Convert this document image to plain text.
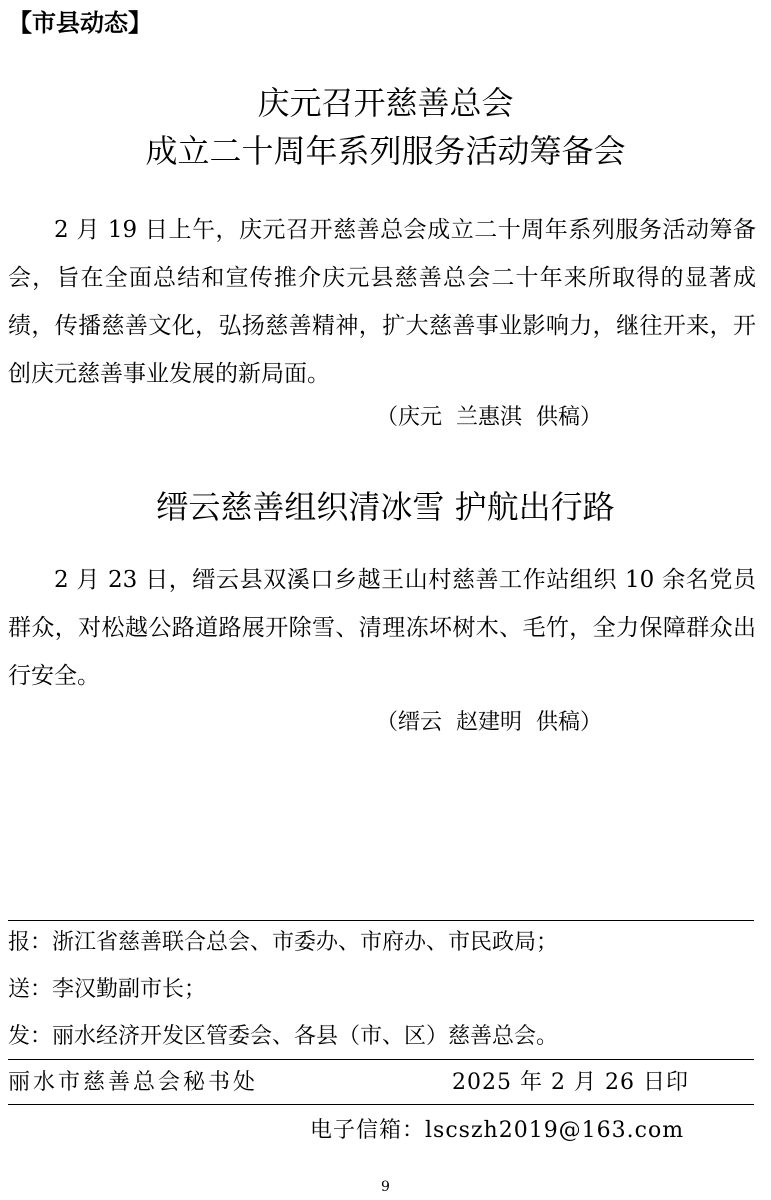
【市县动态】
庆元召开慈善总会
成立二十周年系列服务活动筹备会
2 月 19 日上午，庆元召开慈善总会成立二十周年系列服务活动筹备会，旨在全面总结和宣传推介庆元县慈善总会二十年来所取得的显著成绩，传播慈善文化，弘扬慈善精神，扩大慈善事业影响力，继往开来，开创庆元慈善事业发展的新局面。
（庆元  兰惠淇  供稿）
缙云慈善组织清冰雪 护航出行路
2 月 23 日，缙云县双溪口乡越王山村慈善工作站组织 10 余名党员群众，对松越公路道路展开除雪、清理冻坏树木、毛竹，全力保障群众出行安全。
（缙云  赵建明  供稿）
报：浙江省慈善联合总会、市委办、市府办、市民政局；
送：李汉勤副市长；
发：丽水经济开发区管委会、各县（市、区）慈善总会。
丽水市慈善总会秘书处	2025 年 2 月 26 日印
电子信箱：lscszh2019@163.com
9
